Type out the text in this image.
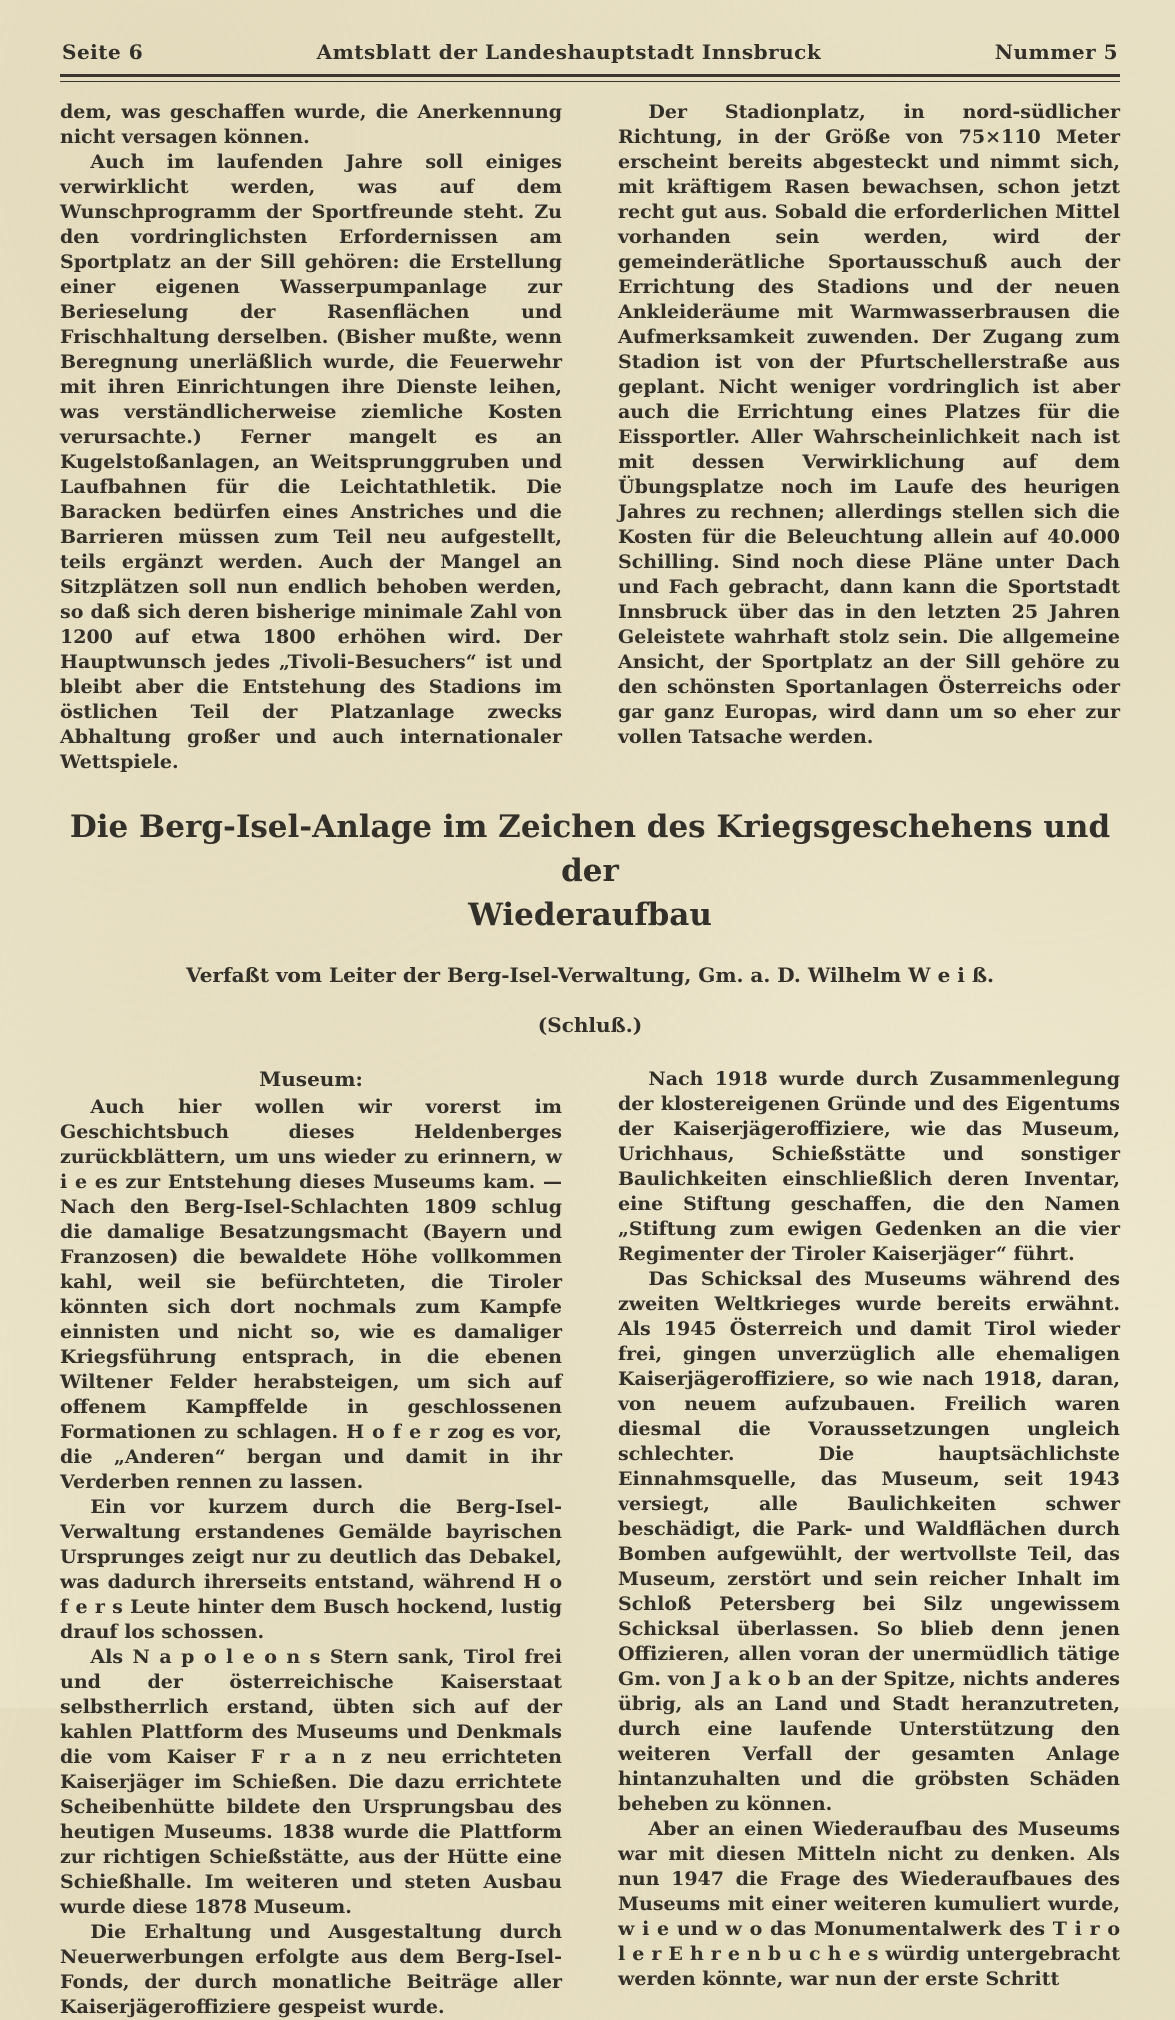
Seite 6	Amtsblatt der Landeshauptstadt Innsbruck	Nummer 5

dem, was geschaffen wurde, die Anerkennung nicht versagen können.

Auch im laufenden Jahre soll einiges verwirklicht werden, was auf dem Wunschprogramm der Sportfreunde steht. Zu den vordringlichsten Erfordernissen am Sportplatz an der Sill gehören: die Erstellung einer eigenen Wasserpumpanlage zur Berieselung der Rasenflächen und Frischhaltung derselben. (Bisher mußte, wenn Beregnung unerläßlich wurde, die Feuerwehr mit ihren Einrichtungen ihre Dienste leihen, was verständlicherweise ziemliche Kosten verursachte.) Ferner mangelt es an Kugelstoßanlagen, an Weitsprunggruben und Laufbahnen für die Leichtathletik. Die Baracken bedürfen eines Anstriches und die Barrieren müssen zum Teil neu aufgestellt, teils ergänzt werden. Auch der Mangel an Sitzplätzen soll nun endlich behoben werden, so daß sich deren bisherige minimale Zahl von 1200 auf etwa 1800 erhöhen wird. Der Hauptwunsch jedes „Tivoli-Besuchers“ ist und bleibt aber die Entstehung des Stadions im östlichen Teil der Platzanlage zwecks Abhaltung großer und auch internationaler Wettspiele.

Der Stadionplatz, in nord-südlicher Richtung, in der Größe von 75×110 Meter erscheint bereits abgesteckt und nimmt sich, mit kräftigem Rasen bewachsen, schon jetzt recht gut aus. Sobald die erforderlichen Mittel vorhanden sein werden, wird der gemeinderätliche Sportausschuß auch der Errichtung des Stadions und der neuen Ankleideräume mit Warmwasserbrausen die Aufmerksamkeit zuwenden. Der Zugang zum Stadion ist von der Pfurtschellerstraße aus geplant. Nicht weniger vordringlich ist aber auch die Errichtung eines Platzes für die Eissportler. Aller Wahrscheinlichkeit nach ist mit dessen Verwirklichung auf dem Übungsplatze noch im Laufe des heurigen Jahres zu rechnen; allerdings stellen sich die Kosten für die Beleuchtung allein auf 40.000 Schilling. Sind noch diese Pläne unter Dach und Fach gebracht, dann kann die Sportstadt Innsbruck über das in den letzten 25 Jahren Geleistete wahrhaft stolz sein. Die allgemeine Ansicht, der Sportplatz an der Sill gehöre zu den schönsten Sportanlagen Österreichs oder gar ganz Europas, wird dann um so eher zur vollen Tatsache werden.

Die Berg-Isel-Anlage im Zeichen des Kriegsgeschehens und der
Wiederaufbau
Verfaßt vom Leiter der Berg-Isel-Verwaltung, Gm. a. D. Wilhelm W e i ß.
(Schluß.)
Museum:

Auch hier wollen wir vorerst im Geschichtsbuch dieses Heldenberges zurückblättern, um uns wieder zu erinnern, w i e es zur Entstehung dieses Museums kam. — Nach den Berg-Isel-Schlachten 1809 schlug die damalige Besatzungsmacht (Bayern und Franzosen) die bewaldete Höhe vollkommen kahl, weil sie befürchteten, die Tiroler könnten sich dort nochmals zum Kampfe einnisten und nicht so, wie es damaliger Kriegsführung entsprach, in die ebenen Wiltener Felder herabsteigen, um sich auf offenem Kampffelde in geschlossenen Formationen zu schlagen. H o f e r zog es vor, die „Anderen“ bergan und damit in ihr Verderben rennen zu lassen.

Ein vor kurzem durch die Berg-Isel-Verwaltung erstandenes Gemälde bayrischen Ursprunges zeigt nur zu deutlich das Debakel, was dadurch ihrerseits entstand, während H o f e r s Leute hinter dem Busch hockend, lustig drauf los schossen.

Als N a p o l e o n s Stern sank, Tirol frei und der österreichische Kaiserstaat selbstherrlich erstand, übten sich auf der kahlen Plattform des Museums und Denkmals die vom Kaiser F r a n z neu errichteten Kaiserjäger im Schießen. Die dazu errichtete Scheibenhütte bildete den Ursprungsbau des heutigen Museums. 1838 wurde die Plattform zur richtigen Schießstätte, aus der Hütte eine Schießhalle. Im weiteren und steten Ausbau wurde diese 1878 Museum.

Die Erhaltung und Ausgestaltung durch Neuerwerbungen erfolgte aus dem Berg-Isel-Fonds, der durch monatliche Beiträge aller Kaiserjägeroffiziere gespeist wurde.

Nach 1918 wurde durch Zusammenlegung der klostereigenen Gründe und des Eigentums der Kaiserjägeroffiziere, wie das Museum, Urichhaus, Schießstätte und sonstiger Baulichkeiten einschließlich deren Inventar, eine Stiftung geschaffen, die den Namen „Stiftung zum ewigen Gedenken an die vier Regimenter der Tiroler Kaiserjäger“ führt.

Das Schicksal des Museums während des zweiten Weltkrieges wurde bereits erwähnt. Als 1945 Österreich und damit Tirol wieder frei, gingen unverzüglich alle ehemaligen Kaiserjägeroffiziere, so wie nach 1918, daran, von neuem aufzubauen. Freilich waren diesmal die Voraussetzungen ungleich schlechter. Die hauptsächlichste Einnahmsquelle, das Museum, seit 1943 versiegt, alle Baulichkeiten schwer beschädigt, die Park- und Waldflächen durch Bomben aufgewühlt, der wertvollste Teil, das Museum, zerstört und sein reicher Inhalt im Schloß Petersberg bei Silz ungewissem Schicksal überlassen. So blieb denn jenen Offizieren, allen voran der unermüdlich tätige Gm. von J a k o b an der Spitze, nichts anderes übrig, als an Land und Stadt heranzutreten, durch eine laufende Unterstützung den weiteren Verfall der gesamten Anlage hintanzuhalten und die gröbsten Schäden beheben zu können.

Aber an einen Wiederaufbau des Museums war mit diesen Mitteln nicht zu denken. Als nun 1947 die Frage des Wiederaufbaues des Museums mit einer weiteren kumuliert wurde, w i e und w o das Monumentalwerk des T i r o l e r E h r e n b u c h e s würdig untergebracht werden könnte, war nun der erste Schritt
